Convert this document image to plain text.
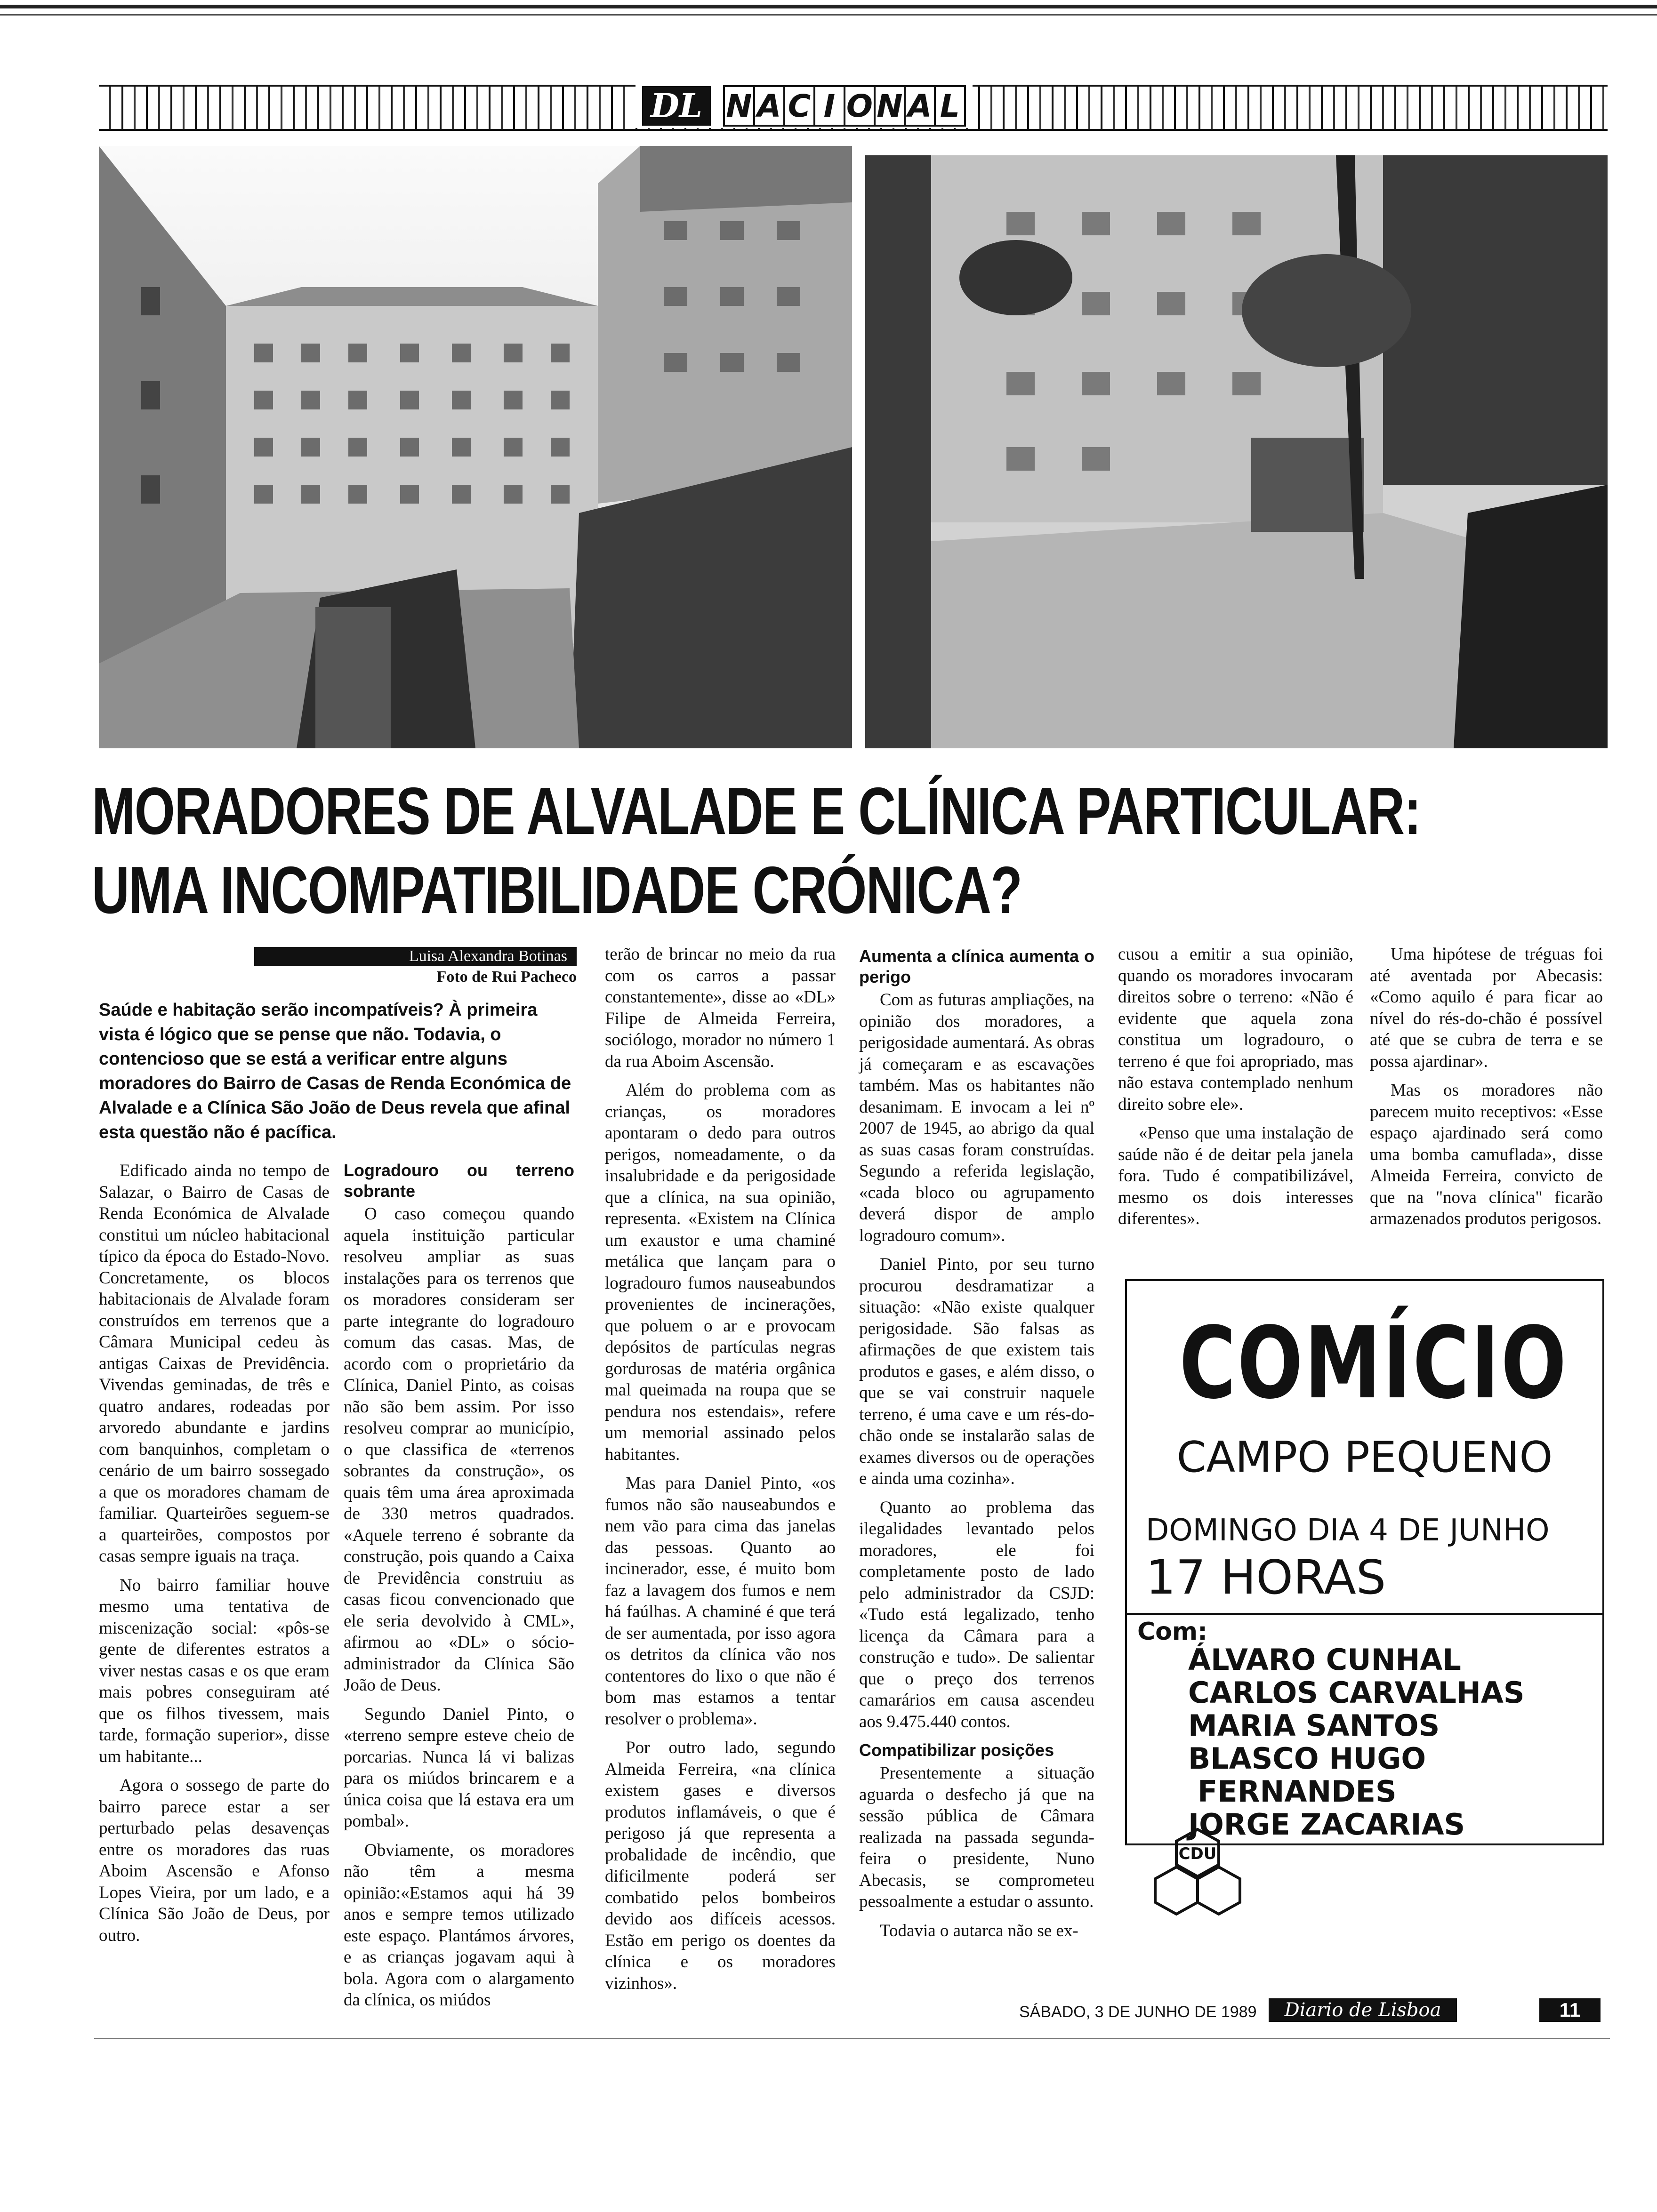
DL N A C I O N A L
MORADORES DE ALVALADE E CLÍNICA PARTICULAR:
UMA INCOMPATIBILIDADE CRÓNICA?
Luisa Alexandra Botinas
Foto de Rui Pacheco
Saúde e habitação serão incompatíveis? À primeira vista é lógico que se pense que não. Todavia, o contencioso que se está a verificar entre alguns moradores do Bairro de Casas de Renda Económica de Alvalade e a Clínica São João de Deus revela que afinal esta questão não é pacífica.

Edificado ainda no tempo de Salazar, o Bairro de Casas de Renda Económica de Alvalade constitui um núcleo habitacional típico da época do Estado-Novo. Concretamente, os blocos habitacionais de Alvalade foram construídos em terrenos que a Câmara Municipal cedeu às antigas Caixas de Previdência. Vivendas geminadas, de três e quatro andares, rodeadas por arvoredo abundante e jardins com banquinhos, completam o cenário de um bairro sossegado a que os moradores chamam de familiar. Quarteirões seguem-se a quarteirões, compostos por casas sempre iguais na traça.

No bairro familiar houve mesmo uma tentativa de miscenização social: «pôs-se gente de diferentes estratos a viver nestas casas e os que eram mais pobres conseguiram até que os filhos tivessem, mais tarde, formação superior», disse um habitante...

Agora o sossego de parte do bairro parece estar a ser perturbado pelas desavenças entre os moradores das ruas Aboim Ascensão e Afonso Lopes Vieira, por um lado, e a Clínica São João de Deus, por outro.

Logradouro ou terreno sobrante

O caso começou quando aquela instituição particular resolveu ampliar as suas instalações para os terrenos que os moradores consideram ser parte integrante do logradouro comum das casas. Mas, de acordo com o proprietário da Clínica, Daniel Pinto, as coisas não são bem assim. Por isso resolveu comprar ao município, o que classifica de «terrenos sobrantes da construção», os quais têm uma área aproximada de 330 metros quadrados. «Aquele terreno é sobrante da construção, pois quando a Caixa de Previdência construiu as casas ficou convencionado que ele seria devolvido à CML», afirmou ao «DL» o sócio-administrador da Clínica São João de Deus.

Segundo Daniel Pinto, o «terreno sempre esteve cheio de porcarias. Nunca lá vi balizas para os miúdos brincarem e a única coisa que lá estava era um pombal».

Obviamente, os moradores não têm a mesma opinião:«Estamos aqui há 39 anos e sempre temos utilizado este espaço. Plantámos árvores, e as crianças jogavam aqui à bola. Agora com o alargamento da clínica, os miúdos

terão de brincar no meio da rua com os carros a passar constantemente», disse ao «DL» Filipe de Almeida Ferreira, sociólogo, morador no número 1 da rua Aboim Ascensão.

Além do problema com as crianças, os moradores apontaram o dedo para outros perigos, nomeadamente, o da insalubridade e da perigosidade que a clínica, na sua opinião, representa. «Existem na Clínica um exaustor e uma chaminé metálica que lançam para o logradouro fumos nauseabundos provenientes de incinerações, que poluem o ar e provocam depósitos de partículas negras gordurosas de matéria orgânica mal queimada na roupa que se pendura nos estendais», refere um memorial assinado pelos habitantes.

Mas para Daniel Pinto, «os fumos não são nauseabundos e nem vão para cima das janelas das pessoas. Quanto ao incinerador, esse, é muito bom faz a lavagem dos fumos e nem há faúlhas. A chaminé é que terá de ser aumentada, por isso agora os detritos da clínica vão nos contentores do lixo o que não é bom mas estamos a tentar resolver o problema».

Por outro lado, segundo Almeida Ferreira, «na clínica existem gases e diversos produtos inflamáveis, o que é perigoso já que representa a probalidade de incêndio, que dificilmente poderá ser combatido pelos bombeiros devido aos difíceis acessos. Estão em perigo os doentes da clínica e os moradores vizinhos».

Aumenta a clínica aumenta o perigo

Com as futuras ampliações, na opinião dos moradores, a perigosidade aumentará. As obras já começaram e as escavações também. Mas os habitantes não desanimam. E invocam a lei nº 2007 de 1945, ao abrigo da qual as suas casas foram construídas. Segundo a referida legislação, «cada bloco ou agrupamento deverá dispor de amplo logradouro comum».

Daniel Pinto, por seu turno procurou desdramatizar a situação: «Não existe qualquer perigosidade. São falsas as afirmações de que existem tais produtos e gases, e além disso, o que se vai construir naquele terreno, é uma cave e um rés-do-chão onde se instalarão salas de exames diversos ou de operações e ainda uma cozinha».

Quanto ao problema das ilegalidades levantado pelos moradores, ele foi completamente posto de lado pelo administrador da CSJD: «Tudo está legalizado, tenho licença da Câmara para a construção e tudo». De salientar que o preço dos terrenos camarários em causa ascendeu aos 9.475.440 contos.

Compatibilizar posições

Presentemente a situação aguarda o desfecho já que na sessão pública de Câmara realizada na passada segunda-feira o presidente, Nuno Abecasis, se comprometeu pessoalmente a estudar o assunto.

Todavia o autarca não se ex-

cusou a emitir a sua opinião, quando os moradores invocaram direitos sobre o terreno: «Não é evidente que aquela zona constitua um logradouro, o terreno é que foi apropriado, mas não estava contemplado nenhum direito sobre ele».

«Penso que uma instalação de saúde não é de deitar pela janela fora. Tudo é compatibilizável, mesmo os dois interesses diferentes».

Uma hipótese de tréguas foi até aventada por Abecasis: «Como aquilo é para ficar ao nível do rés-do-chão é possível até que se cubra de terra e se possa ajardinar».

Mas os moradores não parecem muito receptivos: «Esse espaço ajardinado será como uma bomba camuflada», disse Almeida Ferreira, convicto de que na "nova clínica" ficarão armazenados produtos perigosos.

COMÍCIO
CAMPO PEQUENO
DOMINGO DIA 4 DE JUNHO
17 HORAS
Com:
ÁLVARO CUNHAL
CARLOS CARVALHAS
MARIA SANTOS
BLASCO HUGO
FERNANDES
JORGE ZACARIAS
CDU
SÁBADO, 3 DE JUNHO DE 1989	Diario de Lisboa	11
